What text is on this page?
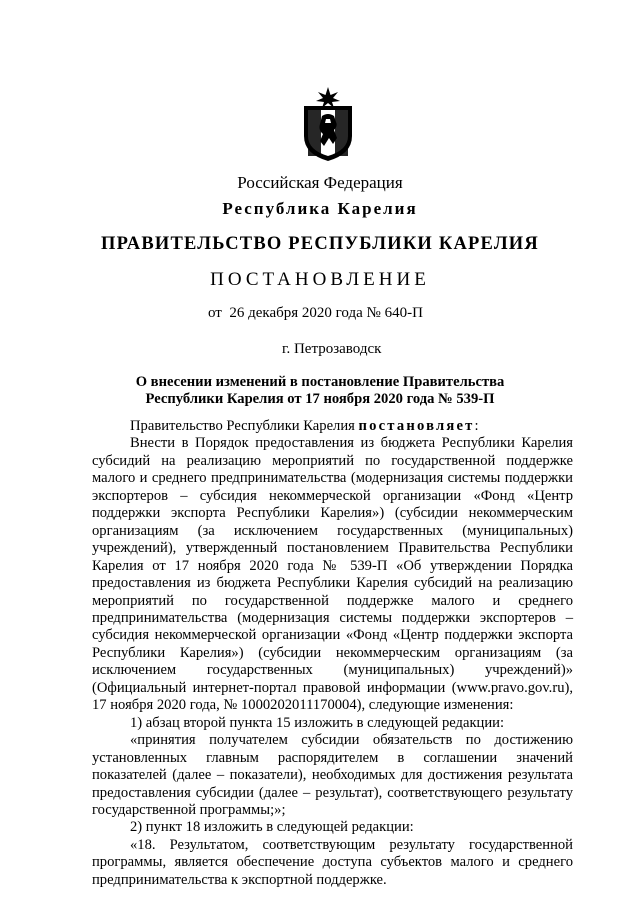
Российская Федерация
Республика Карелия
ПРАВИТЕЛЬСТВО РЕСПУБЛИКИ КАРЕЛИЯ
ПОСТАНОВЛЕНИЕ
от  26 декабря 2020 года № 640-П
г. Петрозаводск
О внесении изменений в постановление Правительства
Республики Карелия от 17 ноября 2020 года № 539-П

Правительство Республики Карелия постановляет:

Внести в Порядок предоставления из бюджета Республики Карелия субсидий на реализацию мероприятий по государственной поддержке малого и среднего предпринимательства (модернизация системы поддержки экспортеров – субсидия некоммерческой организации «Фонд «Центр поддержки экспорта Республики Карелия») (субсидии некоммерческим организациям (за исключением государственных (муниципальных) учреждений), утвержденный постановлением Правительства Республики Карелия от 17 ноября 2020 года № 539-П «Об утверждении Порядка предоставления из бюджета Республики Карелия субсидий на реализацию мероприятий по государственной поддержке малого и среднего предпринимательства (модернизация системы поддержки экспортеров – субсидия некоммерческой организации «Фонд «Центр поддержки экспорта Республики Карелия») (субсидии некоммерческим организациям (за исключением государственных (муниципальных) учреждений)» (Официальный интернет-портал правовой информации (www.pravo.gov.ru), 17 ноября 2020 года, № 1000202011170004), следующие изменения:

1) абзац второй пункта 15 изложить в следующей редакции:

«принятия получателем субсидии обязательств по достижению установленных главным распорядителем в соглашении значений показателей (далее – показатели), необходимых для достижения результата предоставления субсидии (далее – результат), соответствующего результату государственной программы;»;

2) пункт 18 изложить в следующей редакции:

«18. Результатом, соответствующим результату государственной программы, является обеспечение доступа субъектов малого и среднего предпринимательства к экспортной поддержке.
